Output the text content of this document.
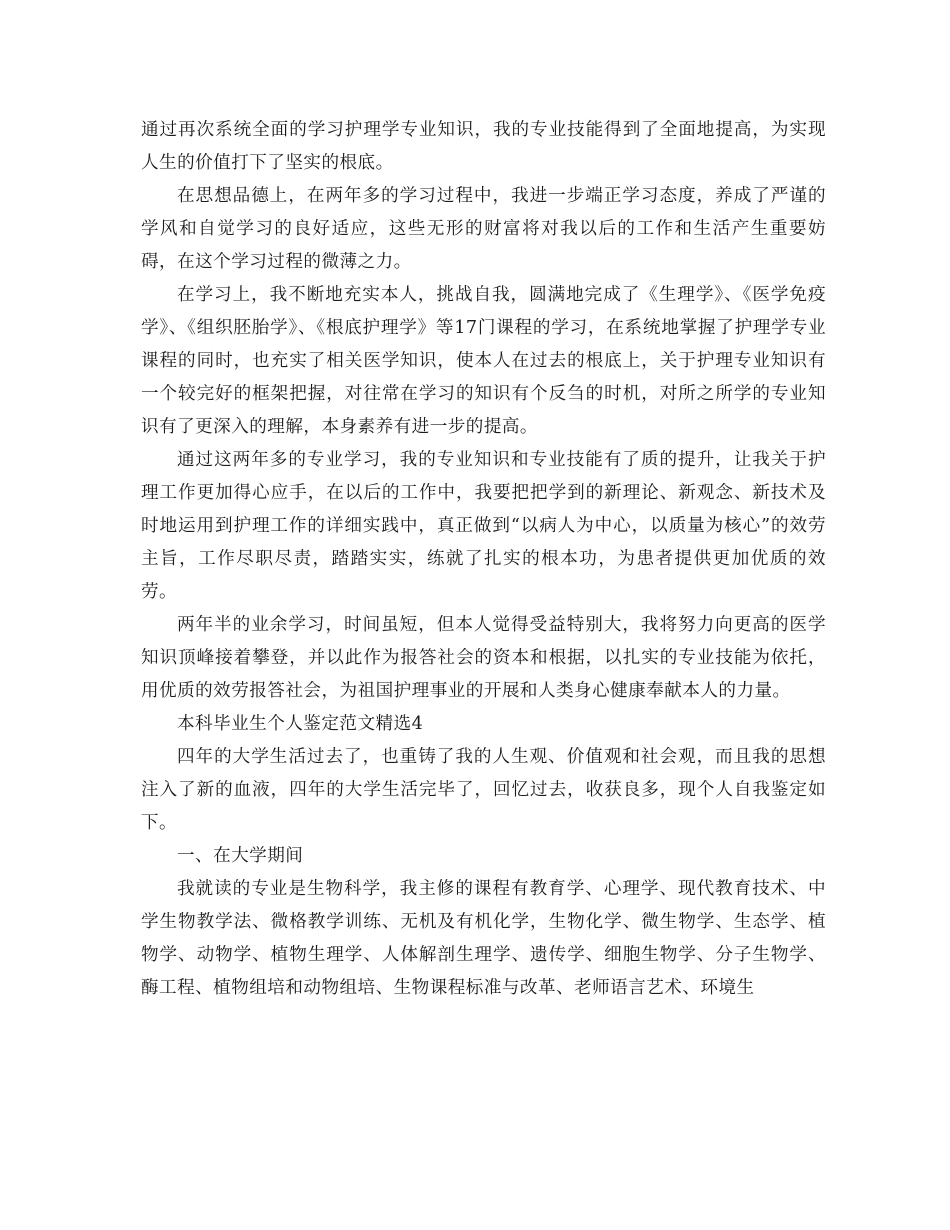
通过再次系统全面的学习护理学专业知识，我的专业技能得到了全面地提高，为实现人生的价值打下了坚实的根底。

在思想品德上，在两年多的学习过程中，我进一步端正学习态度，养成了严谨的学风和自觉学习的良好适应，这些无形的财富将对我以后的工作和生活产生重要妨碍，在这个学习过程的微薄之力。

在学习上，我不断地充实本人，挑战自我，圆满地完成了《生理学》、《医学免疫学》、《组织胚胎学》、《根底护理学》等17门课程的学习，在系统地掌握了护理学专业课程的同时，也充实了相关医学知识，使本人在过去的根底上，关于护理专业知识有一个较完好的框架把握，对往常在学习的知识有个反刍的时机，对所之所学的专业知识有了更深入的理解，本身素养有进一步的提高。

通过这两年多的专业学习，我的专业知识和专业技能有了质的提升，让我关于护理工作更加得心应手，在以后的工作中，我要把把学到的新理论、新观念、新技术及时地运用到护理工作的详细实践中，真正做到“以病人为中心，以质量为核心”的效劳主旨，工作尽职尽责，踏踏实实，练就了扎实的根本功，为患者提供更加优质的效劳。

两年半的业余学习，时间虽短，但本人觉得受益特别大，我将努力向更高的医学知识顶峰接着攀登，并以此作为报答社会的资本和根据，以扎实的专业技能为依托，用优质的效劳报答社会，为祖国护理事业的开展和人类身心健康奉献本人的力量。

本科毕业生个人鉴定范文精选4

四年的大学生活过去了，也重铸了我的人生观、价值观和社会观，而且我的思想注入了新的血液，四年的大学生活完毕了，回忆过去，收获良多，现个人自我鉴定如下。

一、在大学期间

我就读的专业是生物科学，我主修的课程有教育学、心理学、现代教育技术、中学生物教学法、微格教学训练、无机及有机化学，生物化学、微生物学、生态学、植物学、动物学、植物生理学、人体解剖生理学、遗传学、细胞生物学、分子生物学、酶工程、植物组培和动物组培、生物课程标准与改革、老师语言艺术、环境生
